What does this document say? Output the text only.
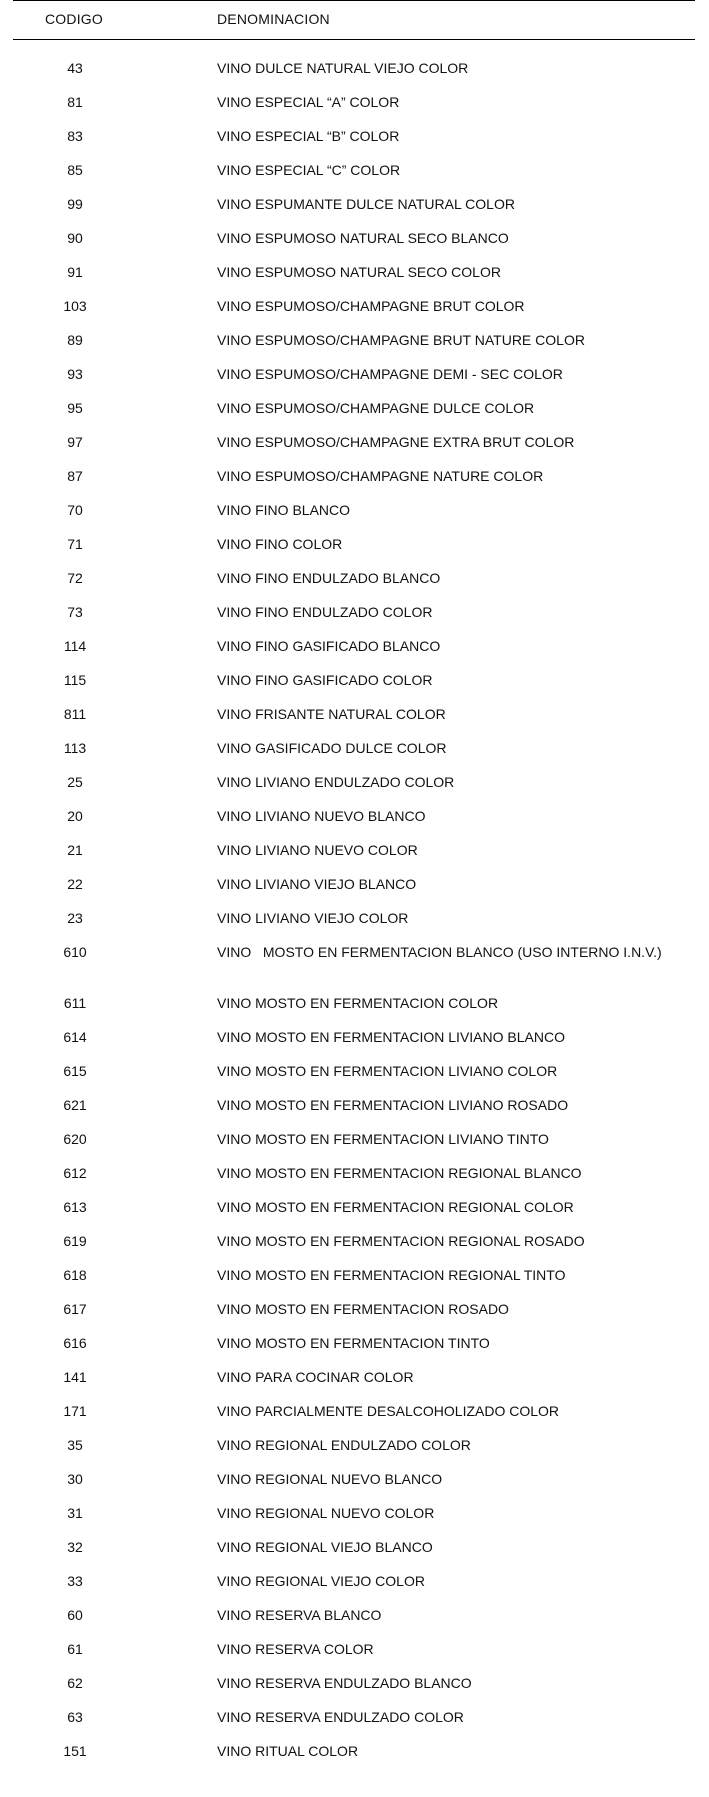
CODIGO	DENOMINACION
43	VINO DULCE NATURAL VIEJO COLOR
81	VINO ESPECIAL “A” COLOR
83	VINO ESPECIAL “B” COLOR
85	VINO ESPECIAL “C” COLOR
99	VINO ESPUMANTE DULCE NATURAL COLOR
90	VINO ESPUMOSO NATURAL SECO BLANCO
91	VINO ESPUMOSO NATURAL SECO COLOR
103	VINO ESPUMOSO/CHAMPAGNE BRUT COLOR
89	VINO ESPUMOSO/CHAMPAGNE BRUT NATURE COLOR
93	VINO ESPUMOSO/CHAMPAGNE DEMI - SEC COLOR
95	VINO ESPUMOSO/CHAMPAGNE DULCE COLOR
97	VINO ESPUMOSO/CHAMPAGNE EXTRA BRUT COLOR
87	VINO ESPUMOSO/CHAMPAGNE NATURE COLOR
70	VINO FINO BLANCO
71	VINO FINO COLOR
72	VINO FINO ENDULZADO BLANCO
73	VINO FINO ENDULZADO COLOR
114	VINO FINO GASIFICADO BLANCO
115	VINO FINO GASIFICADO COLOR
811	VINO FRISANTE NATURAL COLOR
113	VINO GASIFICADO DULCE COLOR
25	VINO LIVIANO ENDULZADO COLOR
20	VINO LIVIANO NUEVO BLANCO
21	VINO LIVIANO NUEVO COLOR
22	VINO LIVIANO VIEJO BLANCO
23	VINO LIVIANO VIEJO COLOR
610	VINO   MOSTO EN FERMENTACION BLANCO (USO INTERNO I.N.V.)
611	VINO MOSTO EN FERMENTACION COLOR
614	VINO MOSTO EN FERMENTACION LIVIANO BLANCO
615	VINO MOSTO EN FERMENTACION LIVIANO COLOR
621	VINO MOSTO EN FERMENTACION LIVIANO ROSADO
620	VINO MOSTO EN FERMENTACION LIVIANO TINTO
612	VINO MOSTO EN FERMENTACION REGIONAL BLANCO
613	VINO MOSTO EN FERMENTACION REGIONAL COLOR
619	VINO MOSTO EN FERMENTACION REGIONAL ROSADO
618	VINO MOSTO EN FERMENTACION REGIONAL TINTO
617	VINO MOSTO EN FERMENTACION ROSADO
616	VINO MOSTO EN FERMENTACION TINTO
141	VINO PARA COCINAR COLOR
171	VINO PARCIALMENTE DESALCOHOLIZADO COLOR
35	VINO REGIONAL ENDULZADO COLOR
30	VINO REGIONAL NUEVO BLANCO
31	VINO REGIONAL NUEVO COLOR
32	VINO REGIONAL VIEJO BLANCO
33	VINO REGIONAL VIEJO COLOR
60	VINO RESERVA BLANCO
61	VINO RESERVA COLOR
62	VINO RESERVA ENDULZADO BLANCO
63	VINO RESERVA ENDULZADO COLOR
151	VINO RITUAL COLOR
